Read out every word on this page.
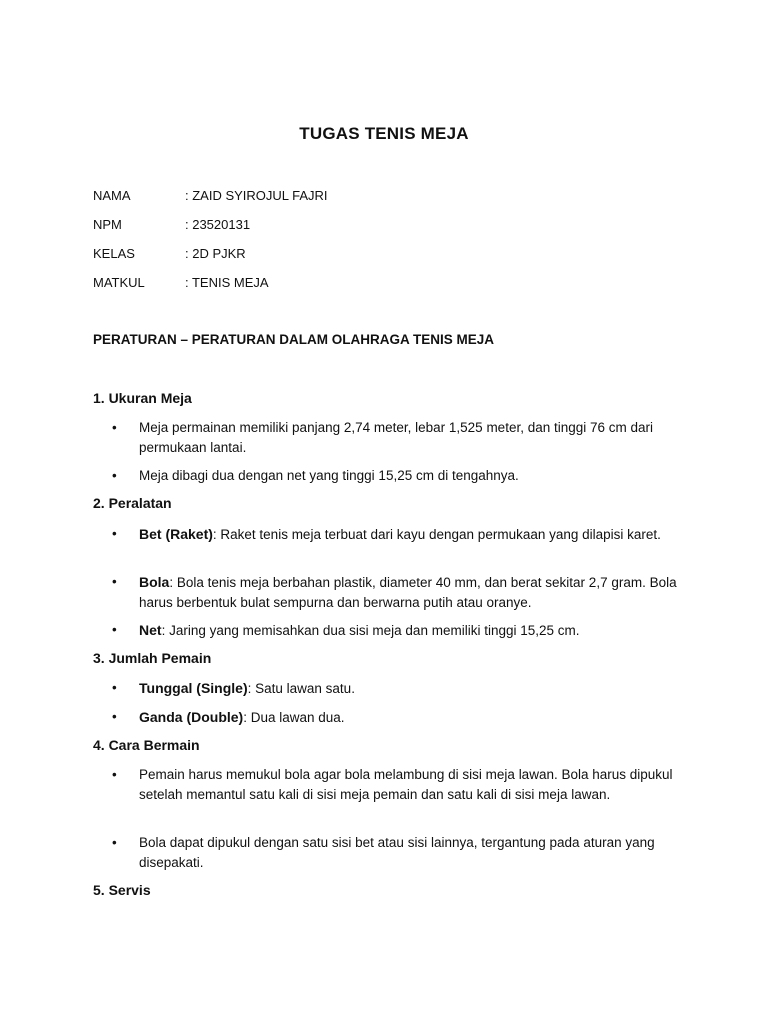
TUGAS TENIS MEJA
NAMA	: ZAID SYIROJUL FAJRI
NPM	: 23520131
KELAS	: 2D PJKR
MATKUL	: TENIS MEJA
PERATURAN – PERATURAN DALAM OLAHRAGA TENIS MEJA
1. Ukuran Meja
•	Meja permainan memiliki panjang 2,74 meter, lebar 1,525 meter, dan tinggi 76 cm dari permukaan lantai.
•	Meja dibagi dua dengan net yang tinggi 15,25 cm di tengahnya.
2. Peralatan
•	Bet (Raket): Raket tenis meja terbuat dari kayu dengan permukaan yang dilapisi karet.
•	Bola: Bola tenis meja berbahan plastik, diameter 40 mm, dan berat sekitar 2,7 gram. Bola harus berbentuk bulat sempurna dan berwarna putih atau oranye.
•	Net: Jaring yang memisahkan dua sisi meja dan memiliki tinggi 15,25 cm.
3. Jumlah Pemain
•	Tunggal (Single): Satu lawan satu.
•	Ganda (Double): Dua lawan dua.
4. Cara Bermain
•	Pemain harus memukul bola agar bola melambung di sisi meja lawan. Bola harus dipukul setelah memantul satu kali di sisi meja pemain dan satu kali di sisi meja lawan.
•	Bola dapat dipukul dengan satu sisi bet atau sisi lainnya, tergantung pada aturan yang disepakati.
5. Servis
